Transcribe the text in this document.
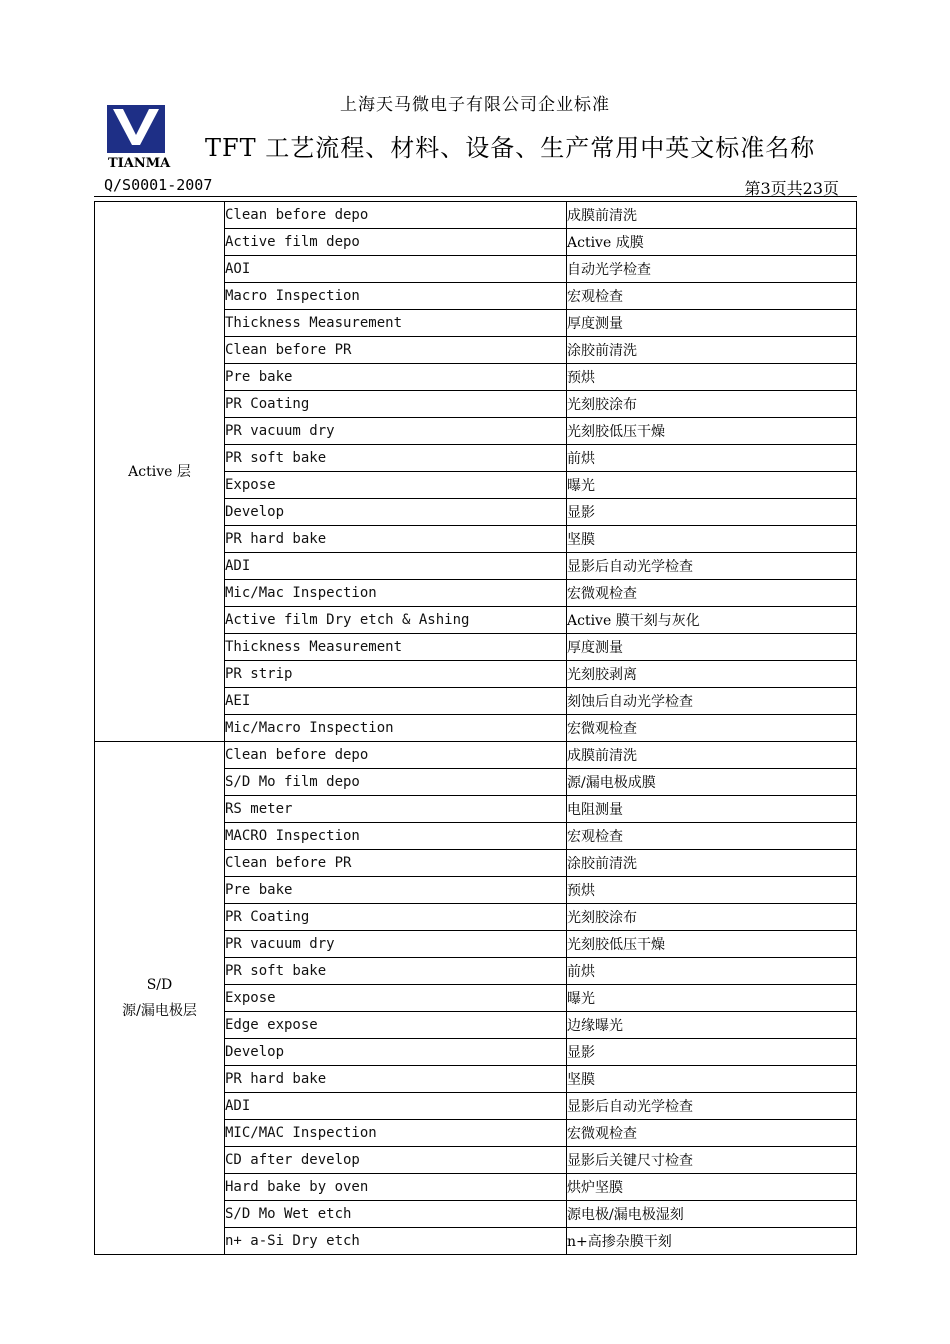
上海天马微电子有限公司企业标准
TIANMA
TFT 工艺流程、材料、设备、生产常用中英文标准名称
Q/S0001-2007	第3页共23页
Active 层	Clean before depo	成膜前清洗
	Active film depo	Active 成膜
	AOI	自动光学检查
	Macro Inspection	宏观检查
	Thickness Measurement	厚度测量
	Clean before PR	涂胶前清洗
	Pre bake	预烘
	PR Coating	光刻胶涂布
	PR vacuum dry	光刻胶低压干燥
	PR soft bake	前烘
	Expose	曝光
	Develop	显影
	PR hard bake	坚膜
	ADI	显影后自动光学检查
	Mic/Mac Inspection	宏微观检查
	Active film Dry etch & Ashing	Active 膜干刻与灰化
	Thickness Measurement	厚度测量
	PR strip	光刻胶剥离
	AEI	刻蚀后自动光学检查
	Mic/Macro Inspection	宏微观检查

S/D
源/漏电极层	Clean before depo	成膜前清洗
	S/D Mo film depo	源/漏电极成膜
	RS meter	电阻测量
	MACRO Inspection	宏观检查
	Clean before PR	涂胶前清洗
	Pre bake	预烘
	PR Coating	光刻胶涂布
	PR vacuum dry	光刻胶低压干燥
	PR soft bake	前烘
	Expose	曝光
	Edge expose	边缘曝光
	Develop	显影
	PR hard bake	坚膜
	ADI	显影后自动光学检查
	MIC/MAC Inspection	宏微观检查
	CD after develop	显影后关键尺寸检查
	Hard bake by oven	烘炉坚膜
	S/D Mo Wet etch	源电极/漏电极湿刻
	n+ a-Si Dry etch	n+高掺杂膜干刻
